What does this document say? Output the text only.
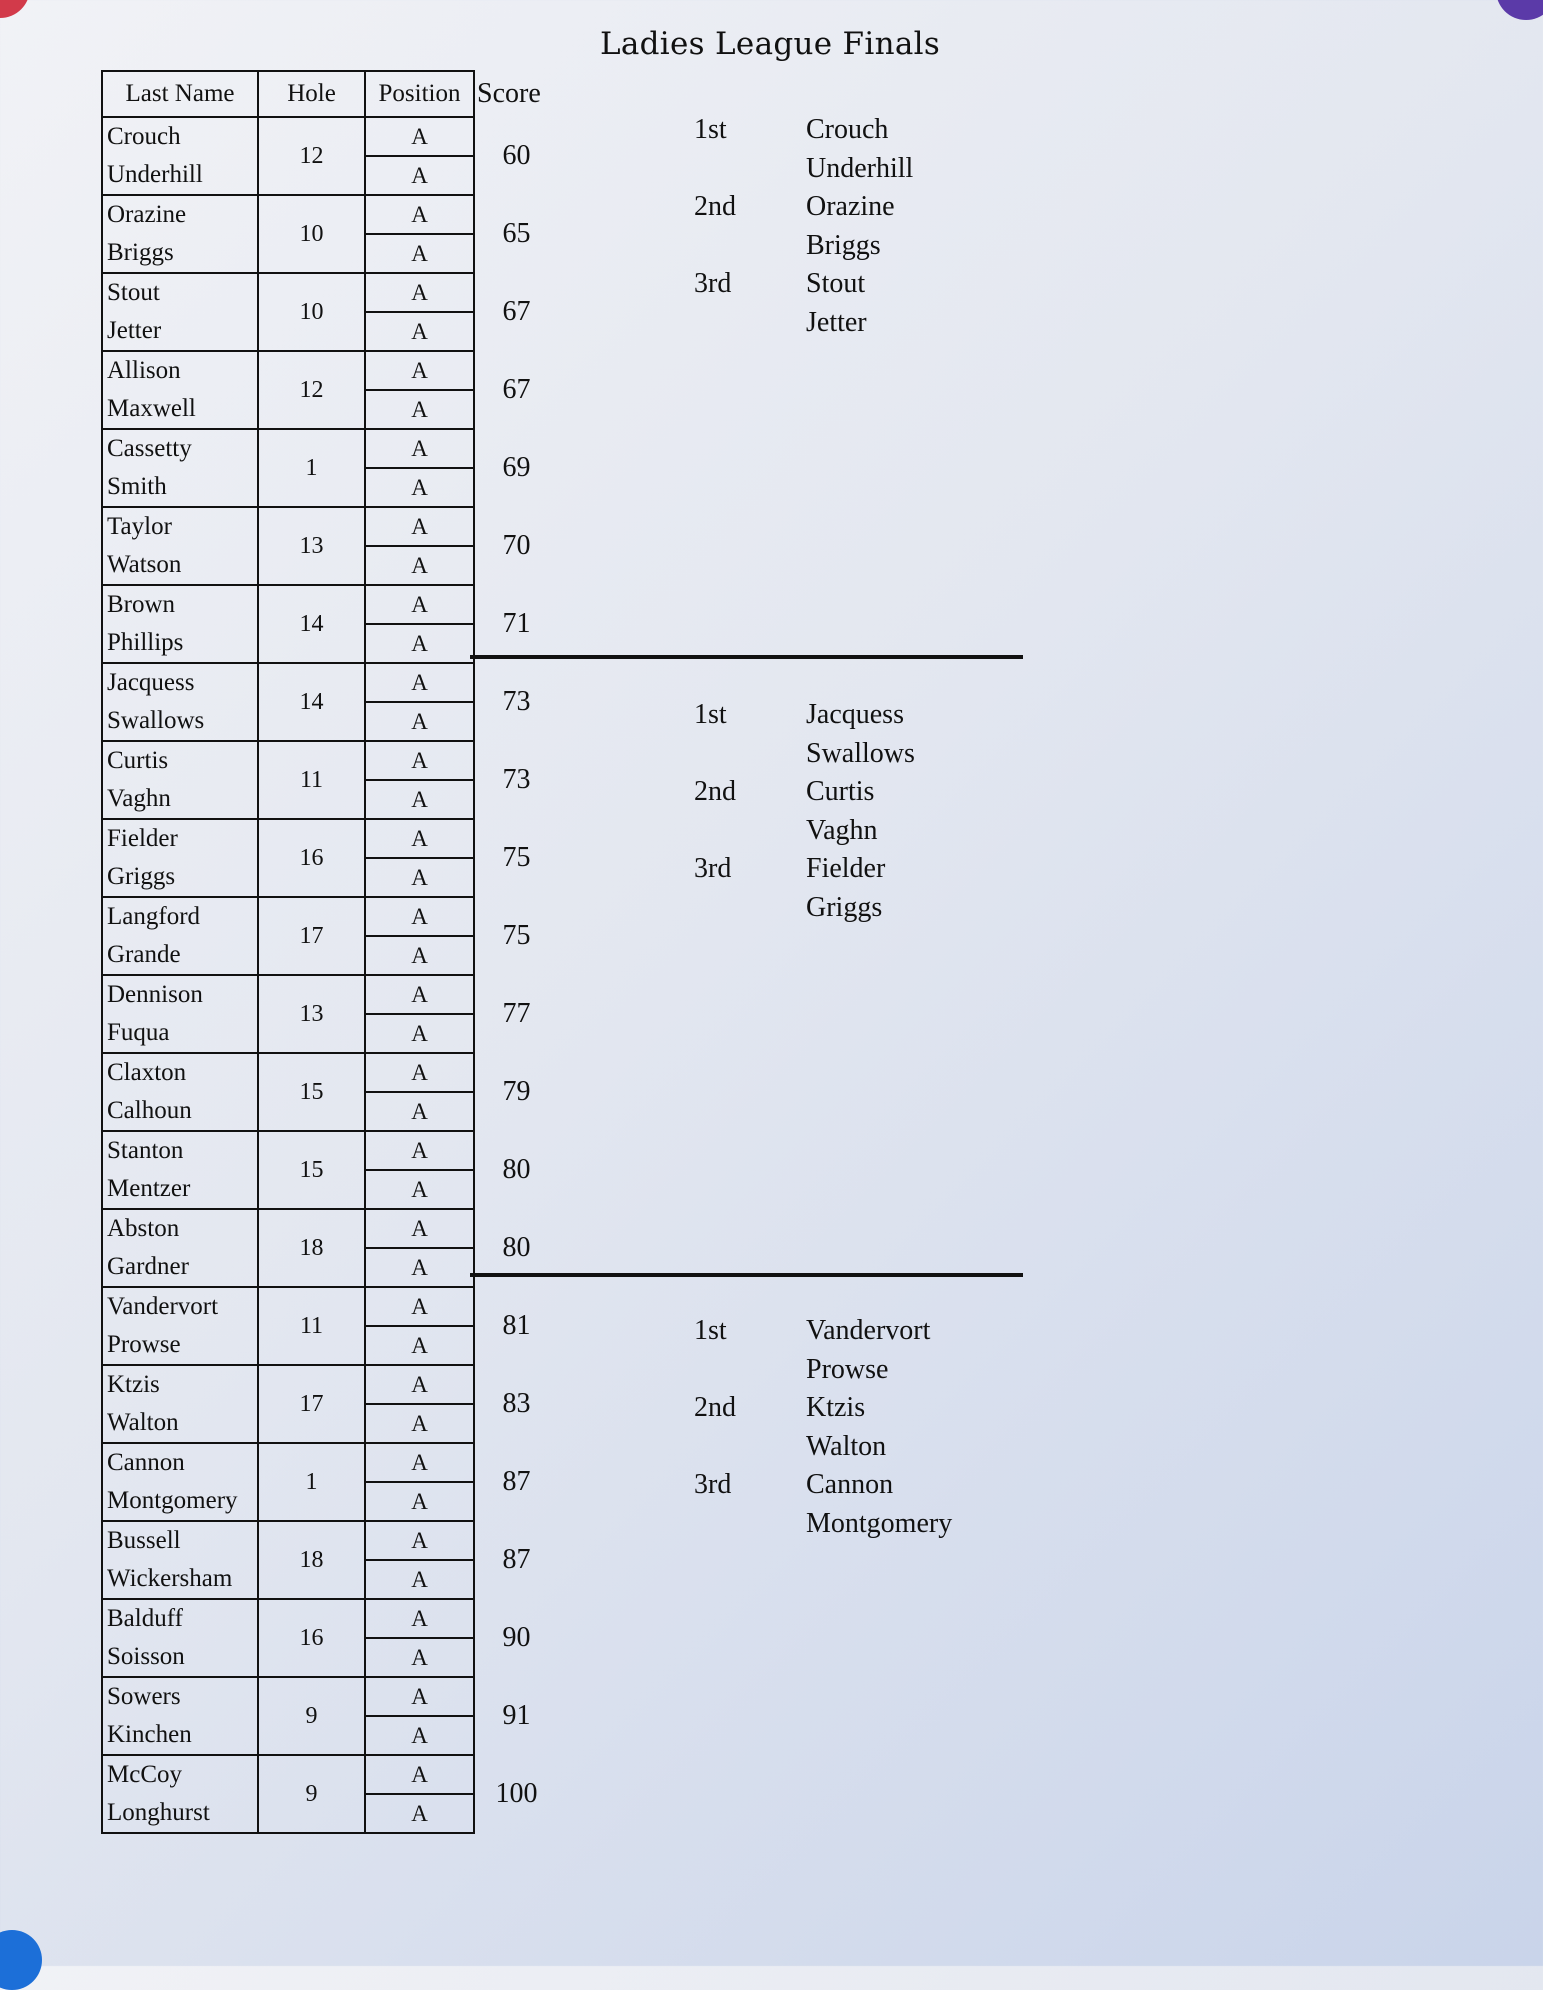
Ladies League Finals
Last Name	Hole	Position	Score
Crouch	12	A	60
Underhill		A	
Orazine	10	A	65
Briggs		A	
Stout	10	A	67
Jetter		A	
Allison	12	A	67
Maxwell		A	
Cassetty	1	A	69
Smith		A	
Taylor	13	A	70
Watson		A	
Brown	14	A	71
Phillips		A	
Jacquess	14	A	73
Swallows		A	
Curtis	11	A	73
Vaghn		A	
Fielder	16	A	75
Griggs		A	
Langford	17	A	75
Grande		A	
Dennison	13	A	77
Fuqua		A	
Claxton	15	A	79
Calhoun		A	
Stanton	15	A	80
Mentzer		A	
Abston	18	A	80
Gardner		A	
Vandervort	11	A	81
Prowse		A	
Ktzis	17	A	83
Walton		A	
Cannon	1	A	87
Montgomery		A	
Bussell	18	A	87
Wickersham		A	
Balduff	16	A	90
Soisson		A	
Sowers	9	A	91
Kinchen		A	
McCoy	9	A	100
Longhurst		A	
1st	Crouch
Underhill
2nd	Orazine
Briggs
3rd	Stout
Jetter
1st	Jacquess
Swallows
2nd	Curtis
Vaghn
3rd	Fielder
Griggs
1st	Vandervort
Prowse
2nd	Ktzis
Walton
3rd	Cannon
Montgomery
